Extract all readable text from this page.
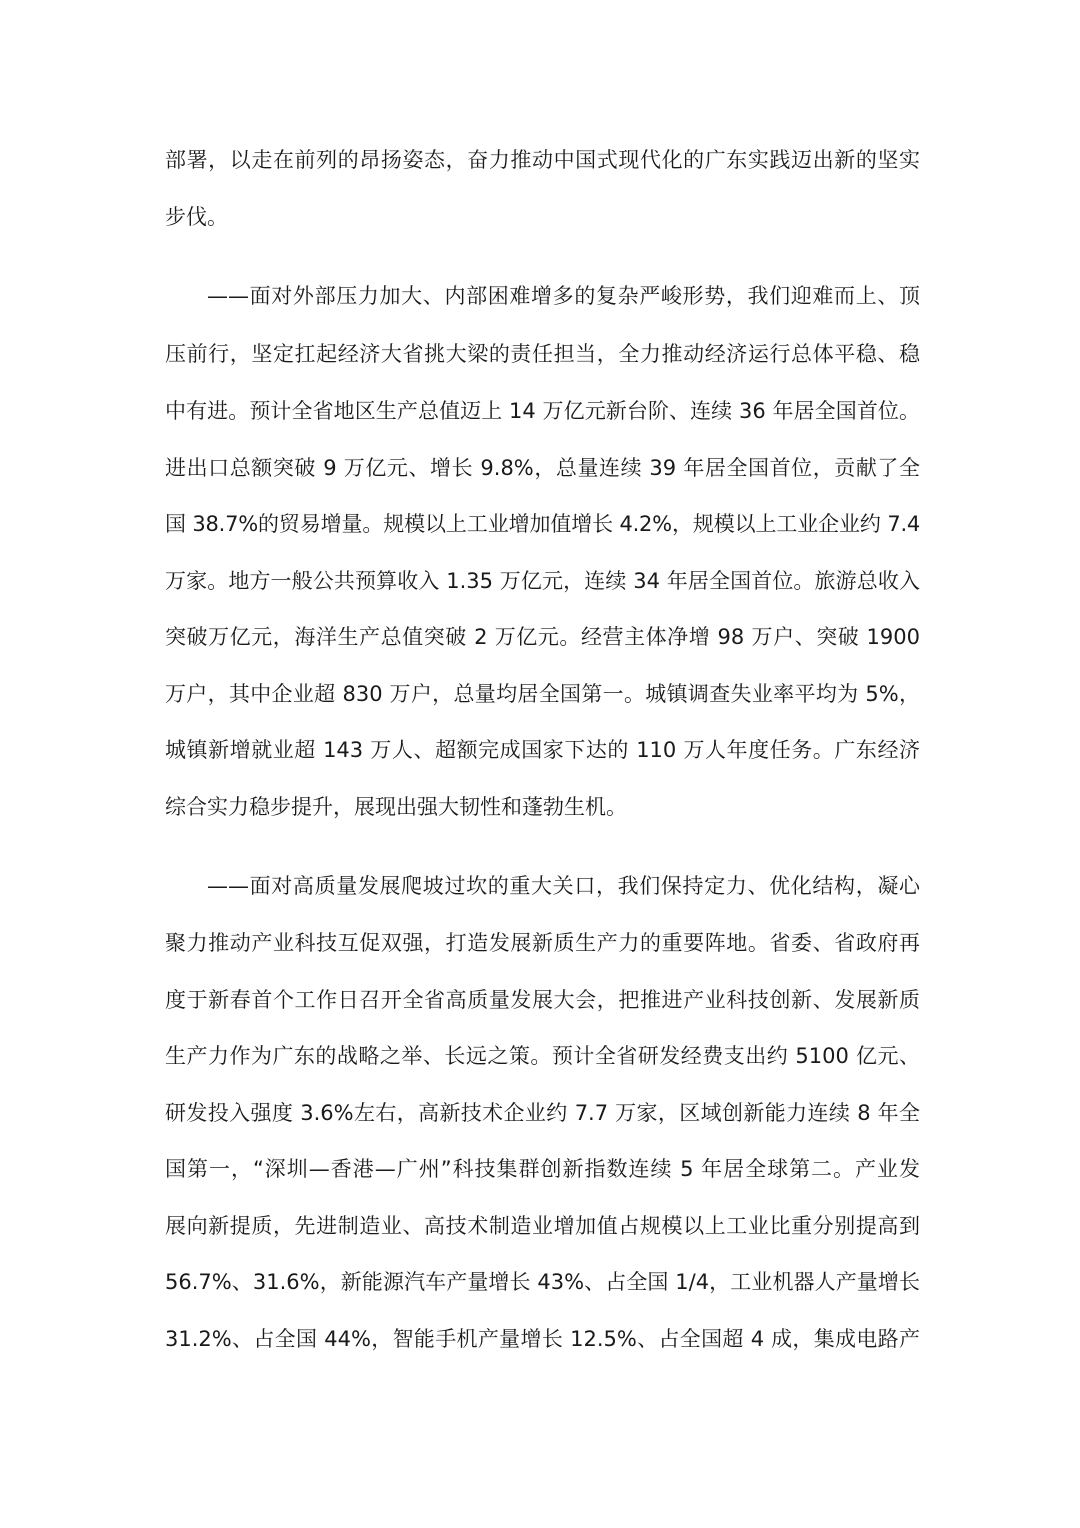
部署，以走在前列的昂扬姿态，奋力推动中国式现代化的广东实践迈出新的坚实
步伐。
——面对外部压力加大、内部困难增多的复杂严峻形势，我们迎难而上、顶
压前行，坚定扛起经济大省挑大梁的责任担当，全力推动经济运行总体平稳、稳
中有进。预计全省地区生产总值迈上 14 万亿元新台阶、连续 36 年居全国首位。
进出口总额突破 9 万亿元、增长 9.8%，总量连续 39 年居全国首位，贡献了全
国 38.7%的贸易增量。规模以上工业增加值增长 4.2%，规模以上工业企业约 7.4
万家。地方一般公共预算收入 1.35 万亿元，连续 34 年居全国首位。旅游总收入
突破万亿元，海洋生产总值突破 2 万亿元。经营主体净增 98 万户、突破 1900
万户，其中企业超 830 万户，总量均居全国第一。城镇调查失业率平均为 5%，
城镇新增就业超 143 万人、超额完成国家下达的 110 万人年度任务。广东经济
综合实力稳步提升，展现出强大韧性和蓬勃生机。
——面对高质量发展爬坡过坎的重大关口，我们保持定力、优化结构，凝心
聚力推动产业科技互促双强，打造发展新质生产力的重要阵地。省委、省政府再
度于新春首个工作日召开全省高质量发展大会，把推进产业科技创新、发展新质
生产力作为广东的战略之举、长远之策。预计全省研发经费支出约 5100 亿元、
研发投入强度 3.6%左右，高新技术企业约 7.7 万家，区域创新能力连续 8 年全
国第一，“深圳—香港—广州”科技集群创新指数连续 5 年居全球第二。产业发
展向新提质，先进制造业、高技术制造业增加值占规模以上工业比重分别提高到
56.7%、31.6%，新能源汽车产量增长 43%、占全国 1/4，工业机器人产量增长
31.2%、占全国 44%，智能手机产量增长 12.5%、占全国超 4 成，集成电路产
